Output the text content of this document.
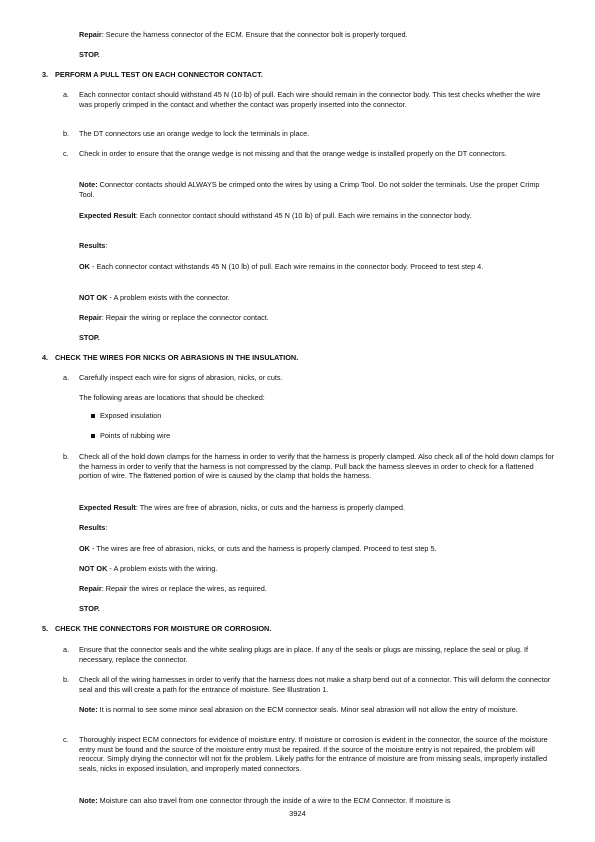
Repair: Secure the harness connector of the ECM. Ensure that the connector bolt is properly torqued.

STOP.

3. PERFORM A PULL TEST ON EACH CONNECTOR CONTACT.

a. Each connector contact should withstand 45 N (10 lb) of pull. Each wire should remain in the connector body. This test checks whether the wire was properly crimped in the contact and whether the contact was properly inserted into the connector.

b. The DT connectors use an orange wedge to lock the terminals in place.

c. Check in order to ensure that the orange wedge is not missing and that the orange wedge is installed properly on the DT connectors.

Note: Connector contacts should ALWAYS be crimped onto the wires by using a Crimp Tool. Do not solder the terminals. Use the proper Crimp Tool.

Expected Result: Each connector contact should withstand 45 N (10 lb) of pull. Each wire remains in the connector body.

Results:

OK - Each connector contact withstands 45 N (10 lb) of pull. Each wire remains in the connector body. Proceed to test step 4.

NOT OK - A problem exists with the connector.

Repair: Repair the wiring or replace the connector contact.

STOP.

4. CHECK THE WIRES FOR NICKS OR ABRASIONS IN THE INSULATION.

a. Carefully inspect each wire for signs of abrasion, nicks, or cuts.

The following areas are locations that should be checked:

Exposed insulation

Points of rubbing wire

b. Check all of the hold down clamps for the harness in order to verify that the harness is properly clamped. Also check all of the hold down clamps for the harness in order to verify that the harness is not compressed by the clamp. Pull back the harness sleeves in order to check for a flattened portion of wire. The flattened portion of wire is caused by the clamp that holds the harness.

Expected Result: The wires are free of abrasion, nicks, or cuts and the harness is properly clamped.

Results:

OK - The wires are free of abrasion, nicks, or cuts and the harness is properly clamped. Proceed to test step 5.

NOT OK - A problem exists with the wiring.

Repair: Repair the wires or replace the wires, as required.

STOP.

5. CHECK THE CONNECTORS FOR MOISTURE OR CORROSION.

a. Ensure that the connector seals and the white sealing plugs are in place. If any of the seals or plugs are missing, replace the seal or plug. If necessary, replace the connector.

b. Check all of the wiring harnesses in order to verify that the harness does not make a sharp bend out of a connector. This will deform the connector seal and this will create a path for the entrance of moisture. See Illustration 1.

Note: It is normal to see some minor seal abrasion on the ECM connector seals. Minor seal abrasion will not allow the entry of moisture.

c. Thoroughly inspect ECM connectors for evidence of moisture entry. If moisture or corrosion is evident in the connector, the source of the moisture entry must be found and the source of the moisture entry must be repaired. If the source of the moisture entry is not repaired, the problem will reoccur. Simply drying the connector will not fix the problem. Likely paths for the entrance of moisture are from missing seals, improperly installed seals, nicks in exposed insulation, and improperly mated connectors.

Note: Moisture can also travel from one connector through the inside of a wire to the ECM Connector. If moisture is

3924
